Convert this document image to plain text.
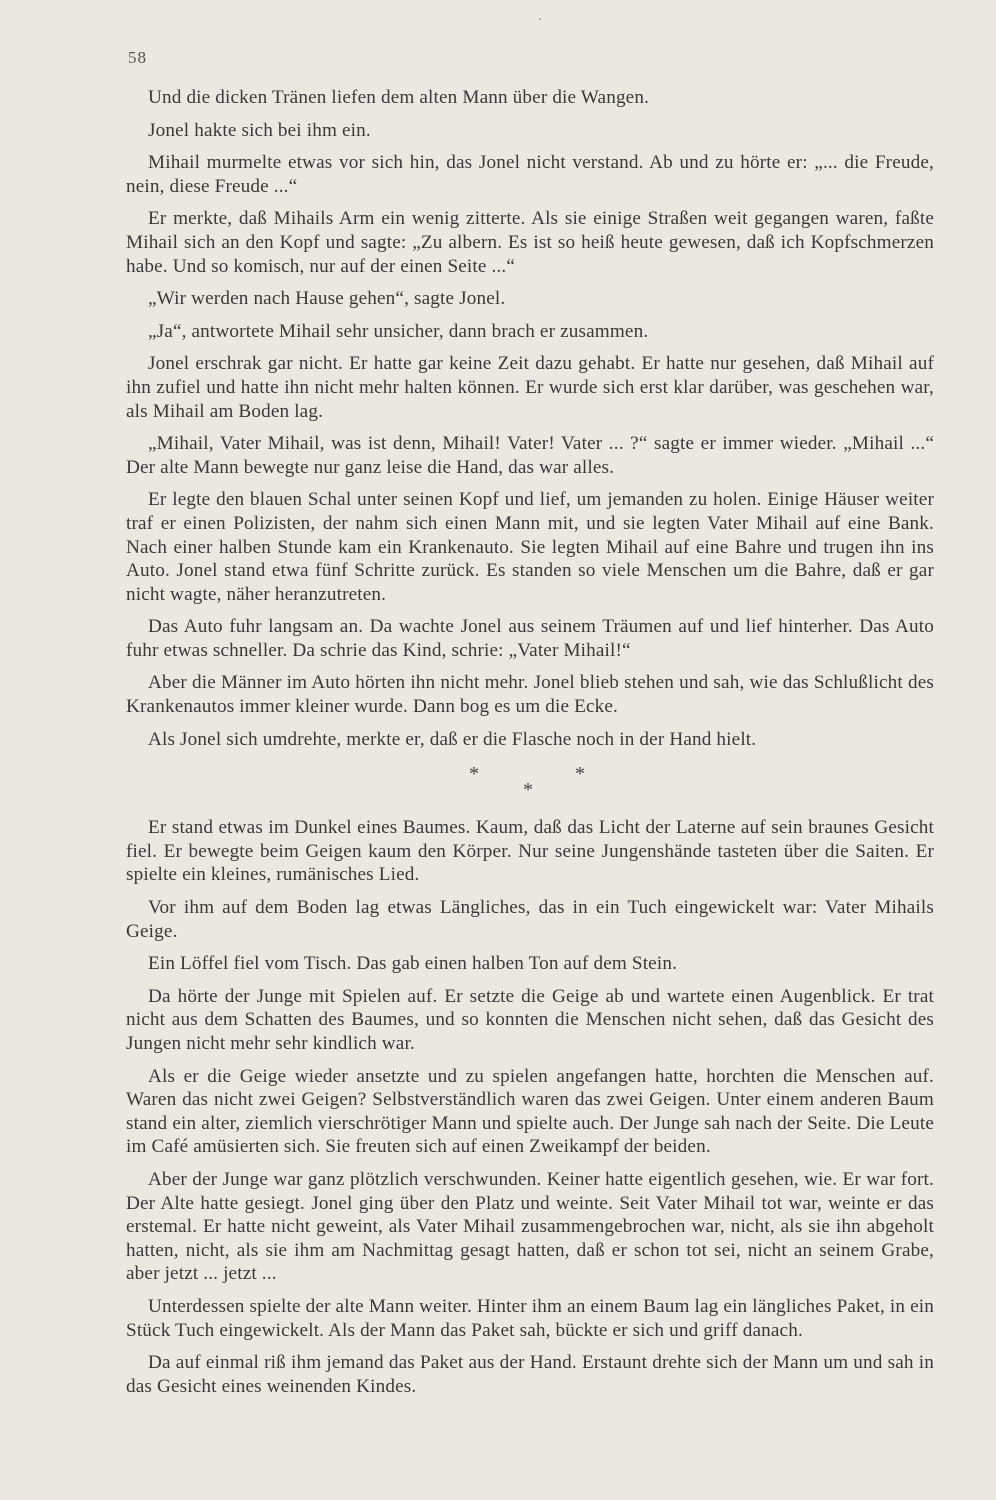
58

Und die dicken Tränen liefen dem alten Mann über die Wangen.

Jonel hakte sich bei ihm ein.

Mihail murmelte etwas vor sich hin, das Jonel nicht verstand. Ab und zu hörte er: „... die Freude, nein, diese Freude ...“

Er merkte, daß Mihails Arm ein wenig zitterte. Als sie einige Straßen weit gegangen waren, faßte Mihail sich an den Kopf und sagte: „Zu albern. Es ist so heiß heute gewesen, daß ich Kopfschmerzen habe. Und so komisch, nur auf der einen Seite ...“

„Wir werden nach Hause gehen“, sagte Jonel.

„Ja“, antwortete Mihail sehr unsicher, dann brach er zusammen.

Jonel erschrak gar nicht. Er hatte gar keine Zeit dazu gehabt. Er hatte nur gesehen, daß Mihail auf ihn zufiel und hatte ihn nicht mehr halten können. Er wurde sich erst klar darüber, was geschehen war, als Mihail am Boden lag.

„Mihail, Vater Mihail, was ist denn, Mihail! Vater! Vater ... ?“ sagte er immer wieder. „Mihail ...“ Der alte Mann bewegte nur ganz leise die Hand, das war alles.

Er legte den blauen Schal unter seinen Kopf und lief, um jemanden zu holen. Einige Häuser weiter traf er einen Polizisten, der nahm sich einen Mann mit, und sie legten Vater Mihail auf eine Bank. Nach einer halben Stunde kam ein Krankenauto. Sie legten Mihail auf eine Bahre und trugen ihn ins Auto. Jonel stand etwa fünf Schritte zurück. Es standen so viele Menschen um die Bahre, daß er gar nicht wagte, näher heranzutreten.

Das Auto fuhr langsam an. Da wachte Jonel aus seinem Träumen auf und lief hinterher. Das Auto fuhr etwas schneller. Da schrie das Kind, schrie: „Vater Mihail!“

Aber die Männer im Auto hörten ihn nicht mehr. Jonel blieb stehen und sah, wie das Schlußlicht des Krankenautos immer kleiner wurde. Dann bog es um die Ecke.

Als Jonel sich umdrehte, merkte er, daß er die Flasche noch in der Hand hielt.

*	*
*

Er stand etwas im Dunkel eines Baumes. Kaum, daß das Licht der Laterne auf sein braunes Gesicht fiel. Er bewegte beim Geigen kaum den Körper. Nur seine Jungenshände tasteten über die Saiten. Er spielte ein kleines, rumänisches Lied.

Vor ihm auf dem Boden lag etwas Längliches, das in ein Tuch eingewickelt war: Vater Mihails Geige.

Ein Löffel fiel vom Tisch. Das gab einen halben Ton auf dem Stein.

Da hörte der Junge mit Spielen auf. Er setzte die Geige ab und wartete einen Augenblick. Er trat nicht aus dem Schatten des Baumes, und so konnten die Menschen nicht sehen, daß das Gesicht des Jungen nicht mehr sehr kindlich war.

Als er die Geige wieder ansetzte und zu spielen angefangen hatte, horchten die Menschen auf. Waren das nicht zwei Geigen? Selbstverständlich waren das zwei Geigen. Unter einem anderen Baum stand ein alter, ziemlich vierschrötiger Mann und spielte auch. Der Junge sah nach der Seite. Die Leute im Café amüsierten sich. Sie freuten sich auf einen Zweikampf der beiden.

Aber der Junge war ganz plötzlich verschwunden. Keiner hatte eigentlich gesehen, wie. Er war fort. Der Alte hatte gesiegt. Jonel ging über den Platz und weinte. Seit Vater Mihail tot war, weinte er das erstemal. Er hatte nicht geweint, als Vater Mihail zusammengebrochen war, nicht, als sie ihn abgeholt hatten, nicht, als sie ihm am Nachmittag gesagt hatten, daß er schon tot sei, nicht an seinem Grabe, aber jetzt ... jetzt ...

Unterdessen spielte der alte Mann weiter. Hinter ihm an einem Baum lag ein längliches Paket, in ein Stück Tuch eingewickelt. Als der Mann das Paket sah, bückte er sich und griff danach.

Da auf einmal riß ihm jemand das Paket aus der Hand. Erstaunt drehte sich der Mann um und sah in das Gesicht eines weinenden Kindes.
